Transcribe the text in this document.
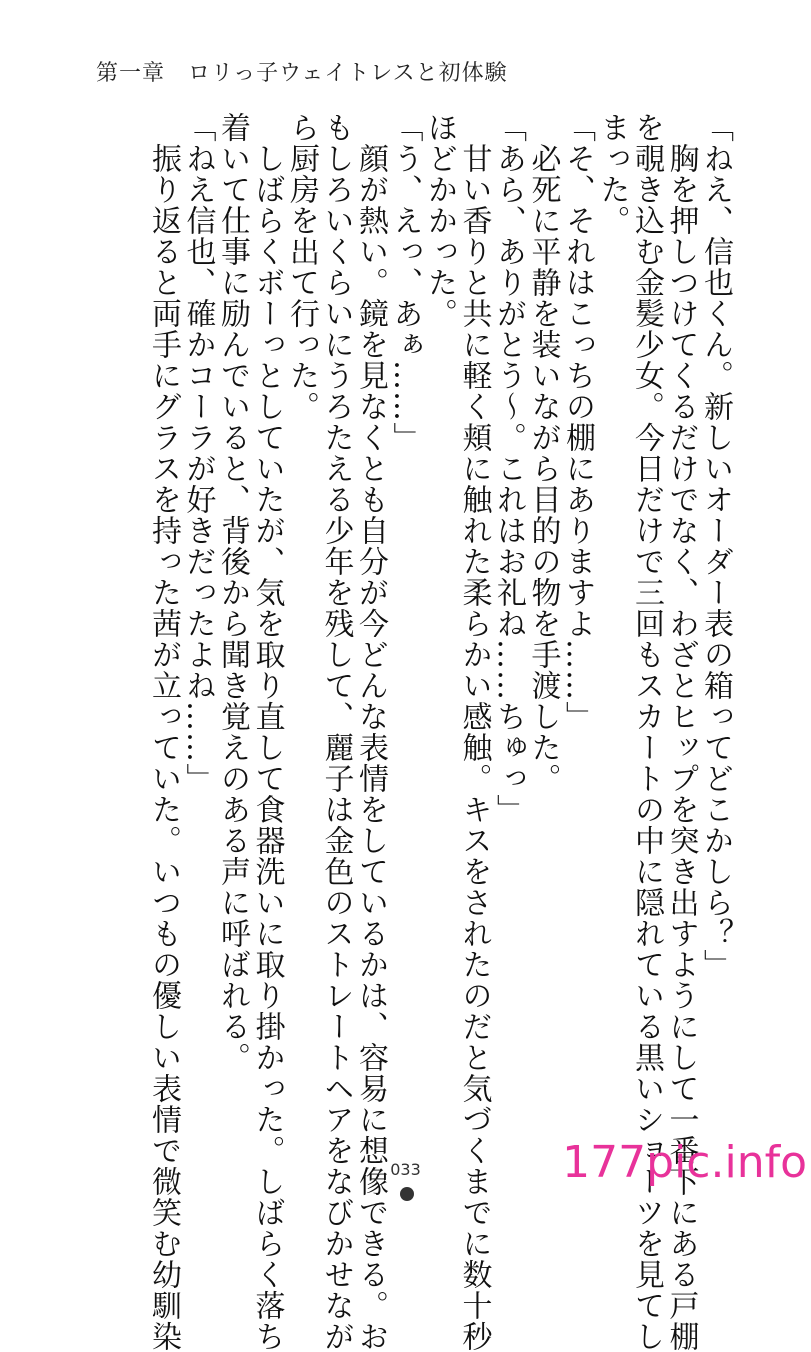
第一章　ロリっ子ウェイトレスと初体験

「ねえ、信也くん。新しいオーダー表の箱ってどこかしら？」

　胸を押しつけてくるだけでなく、わざとヒップを突き出すようにして一番下にある戸棚

を覗き込む金髪少女。今日だけで三回もスカートの中に隠れている黒いショーツを見てし

まった。

「そ、それはこっちの棚にありますよ……」

　必死に平静を装いながら目的の物を手渡した。

「あら、ありがとう～。これはお礼ね……ちゅっ」

　甘い香りと共に軽く頬に触れた柔らかい感触。キスをされたのだと気づくまでに数十秒

ほどかかった。

「う、えっ、あぁ……」

　顔が熱い。鏡を見なくとも自分が今どんな表情をしているかは、容易に想像できる。お

もしろいくらいにうろたえる少年を残して、麗子は金色のストレートヘアをなびかせなが

ら厨房を出て行った。

　しばらくボーっとしていたが、気を取り直して食器洗いに取り掛かった。しばらく落ち

着いて仕事に励んでいると、背後から聞き覚えのある声に呼ばれる。

「ねえ信也、確かコーラが好きだったよね……」

　振り返ると両手にグラスを持った茜が立っていた。いつもの優しい表情で微笑む幼馴染	033	177pic.info
